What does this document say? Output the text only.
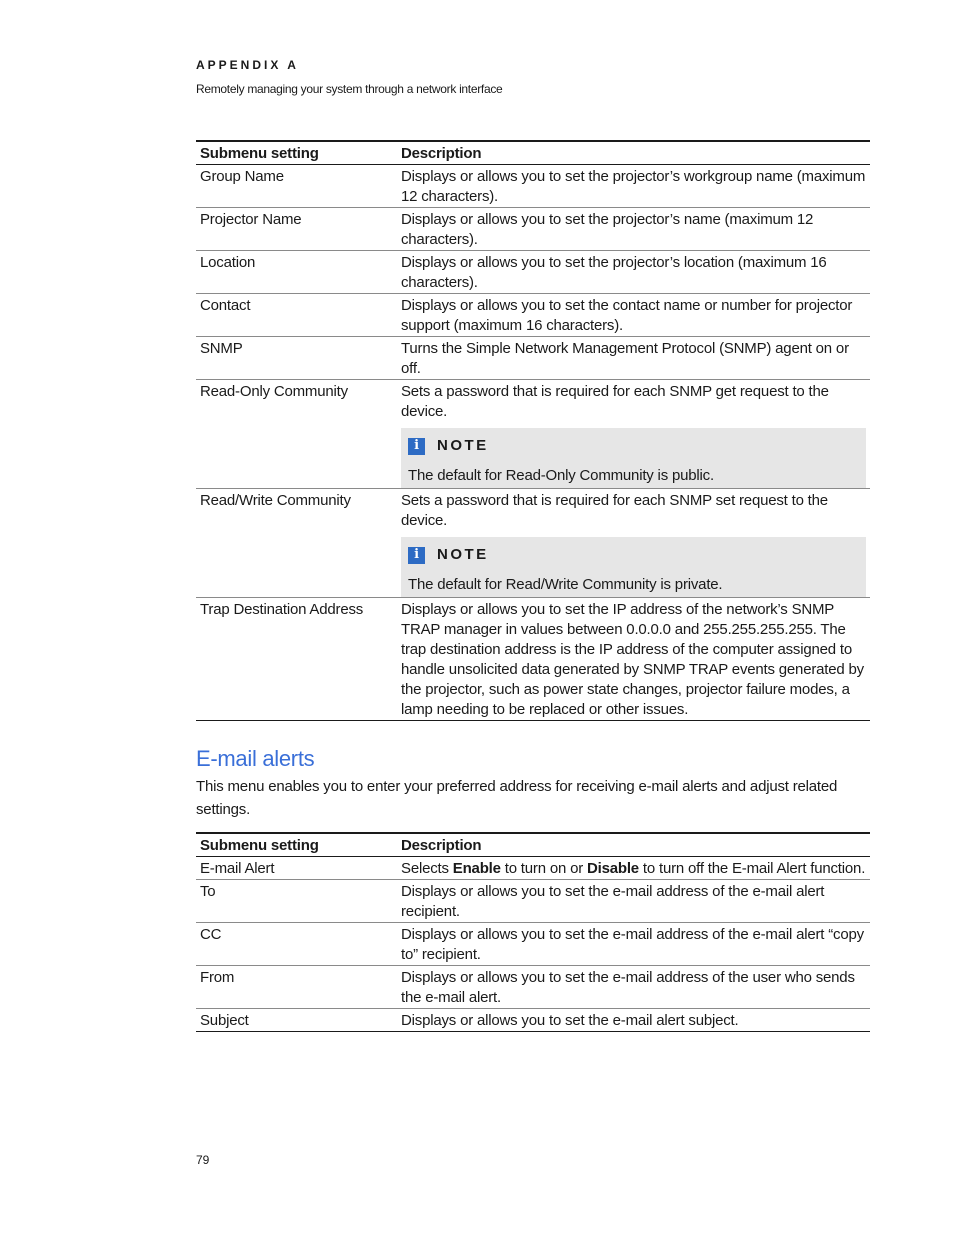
APPENDIX A
Remotely managing your system through a network interface
Submenu setting	Description
Group Name	Displays or allows you to set the projector’s workgroup name (maximum 12 characters).
Projector Name	Displays or allows you to set the projector’s name (maximum 12 characters).
Location	Displays or allows you to set the projector’s location (maximum 16 characters).
Contact	Displays or allows you to set the contact name or number for projector support (maximum 16 characters).
SNMP	Turns the Simple Network Management Protocol (SNMP) agent on or off.
Read-Only Community	Sets a password that is required for each SNMP get request to the device.
i NOTE
The default for Read-Only Community is public.

Read/Write Community	Sets a password that is required for each SNMP set request to the device.
i NOTE
The default for Read/Write Community is private.

Trap Destination Address	Displays or allows you to set the IP address of the network’s SNMP TRAP manager in values between 0.0.0.0 and 255.255.255.255. The trap destination address is the IP address of the computer assigned to handle unsolicited data generated by SNMP TRAP events generated by the projector, such as power state changes, projector failure modes, a lamp needing to be replaced or other issues.
E-mail alerts
This menu enables you to enter your preferred address for receiving e-mail alerts and adjust related settings.
Submenu setting	Description
E-mail Alert	Selects Enable to turn on or Disable to turn off the E-mail Alert function.
To	Displays or allows you to set the e-mail address of the e-mail alert recipient.
CC	Displays or allows you to set the e-mail address of the e-mail alert “copy to” recipient.
From	Displays or allows you to set the e-mail address of the user who sends the e-mail alert.
Subject	Displays or allows you to set the e-mail alert subject.
79
